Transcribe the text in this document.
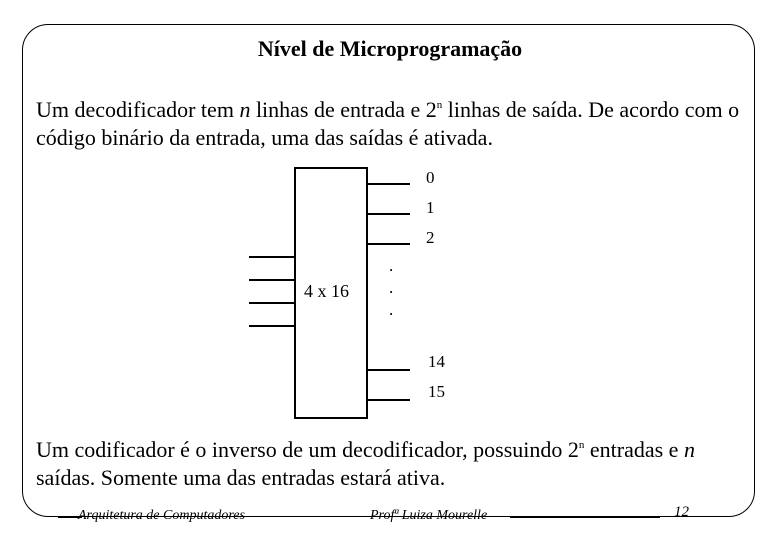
Nível de Microprogramação

Um decodificador tem n linhas de entrada e 2$^n$ linhas de saída. De acordo com o código binário da entrada, uma das saídas é ativada.

4 x 16
0
1
2
14
15
.
.
.

Um codificador é o inverso de um decodificador, possuindo 2$^n$ entradas e n saídas. Somente uma das entradas estará ativa.

Arquitetura de Computadores	Profª Luiza Mourelle	12
